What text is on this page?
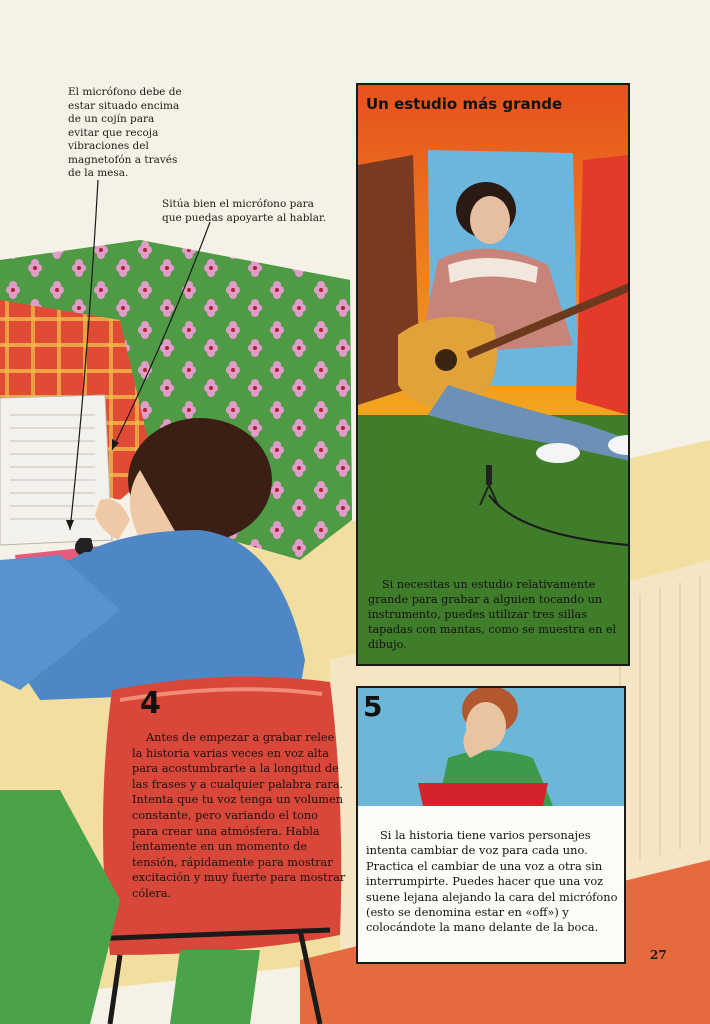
El micrófono debe de
estar situado encima
de un cojín para
evitar que recoja
vibraciones del
magnetofón a través
de la mesa.
Sitúa bien el micrófono para
que puedas apoyarte al hablar.
Un estudio más grande
Si necesitas un estudio relativamente grande para grabar a alguien tocando un instrumento, puedes utilizar tres sillas tapadas con mantas, como se muestra en el dibujo.
5
Si la historia tiene varios personajes intenta cambiar de voz para cada uno. Practica el cambiar de una voz a otra sin interrumpirte. Puedes hacer que una voz suene lejana alejando la cara del micrófono (esto se denomina estar en «off») y colocándote la mano delante de la boca.
4
Antes de empezar a grabar relee la historia varias veces en voz alta para acostumbrarte a la longitud de las frases y a cualquier palabra rara. Intenta que tu voz tenga un volumen constante, pero variando el tono para crear una atmósfera. Habla lentamente en un momento de tensión, rápidamente para mostrar excitación y muy fuerte para mostrar cólera.
27
